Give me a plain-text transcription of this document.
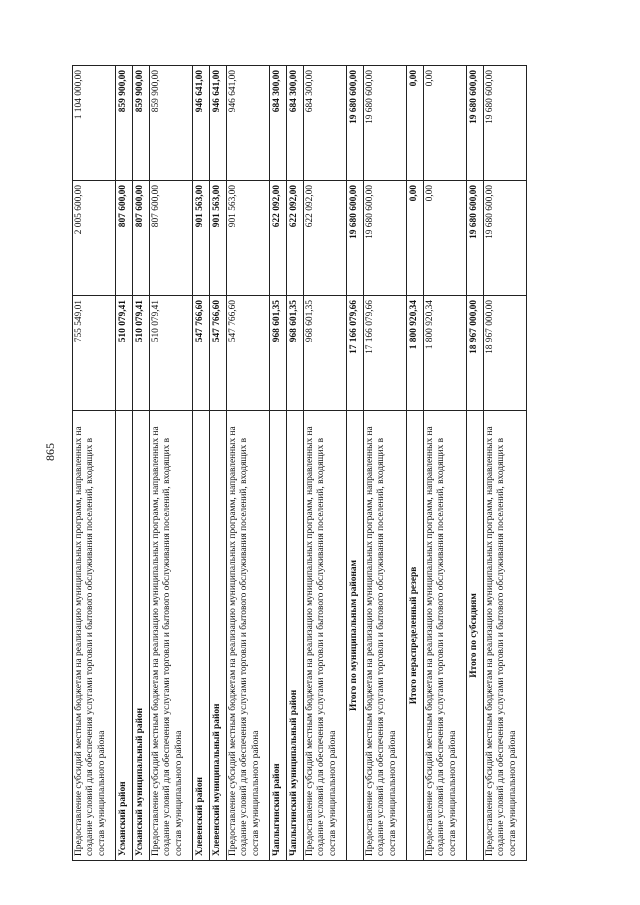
865 Предоставление субсидий местным бюджетам на реализацию муниципальных программ, направленных на создание условий для обеспечения услугами торговли и бытового обслуживания поселений, входящих в состав муниципального района	755 549,01	2 005 600,00	1 104 000,00
Усманский район	510 079,41	807 600,00	859 900,00
Усманский муниципальный район	510 079,41	807 600,00	859 900,00
Предоставление субсидий местным бюджетам на реализацию муниципальных программ, направленных на создание условий для обеспечения услугами торговли и бытового обслуживания поселений, входящих в состав муниципального района	510 079,41	807 600,00	859 900,00
Хлевенский район	547 766,60	901 563,00	946 641,00
Хлевенский муниципальный район	547 766,60	901 563,00	946 641,00
Предоставление субсидий местным бюджетам на реализацию муниципальных программ, направленных на создание условий для обеспечения услугами торговли и бытового обслуживания поселений, входящих в состав муниципального района	547 766,60	901 563,00	946 641,00
Чаплыгинский район	968 601,35	622 092,00	684 300,00
Чаплыгинский муниципальный район	968 601,35	622 092,00	684 300,00
Предоставление субсидий местным бюджетам на реализацию муниципальных программ, направленных на создание условий для обеспечения услугами торговли и бытового обслуживания поселений, входящих в состав муниципального района	968 601,35	622 092,00	684 300,00
Итого по муниципальным районам	17 166 079,66	19 680 600,00	19 680 600,00
Предоставление субсидий местным бюджетам на реализацию муниципальных программ, направленных на создание условий для обеспечения услугами торговли и бытового обслуживания поселений, входящих в состав муниципального района	17 166 079,66	19 680 600,00	19 680 600,00
Итого нераспределенный резерв	1 800 920,34	0,00	0,00
Предоставление субсидий местным бюджетам на реализацию муниципальных программ, направленных на создание условий для обеспечения услугами торговли и бытового обслуживания поселений, входящих в состав муниципального района	1 800 920,34	0,00	0,00
Итого по субсидиям	18 967 000,00	19 680 600,00	19 680 600,00
Предоставление субсидий местным бюджетам на реализацию муниципальных программ, направленных на создание условий для обеспечения услугами торговли и бытового обслуживания поселений, входящих в состав муниципального района	18 967 000,00	19 680 600,00	19 680 600,00
